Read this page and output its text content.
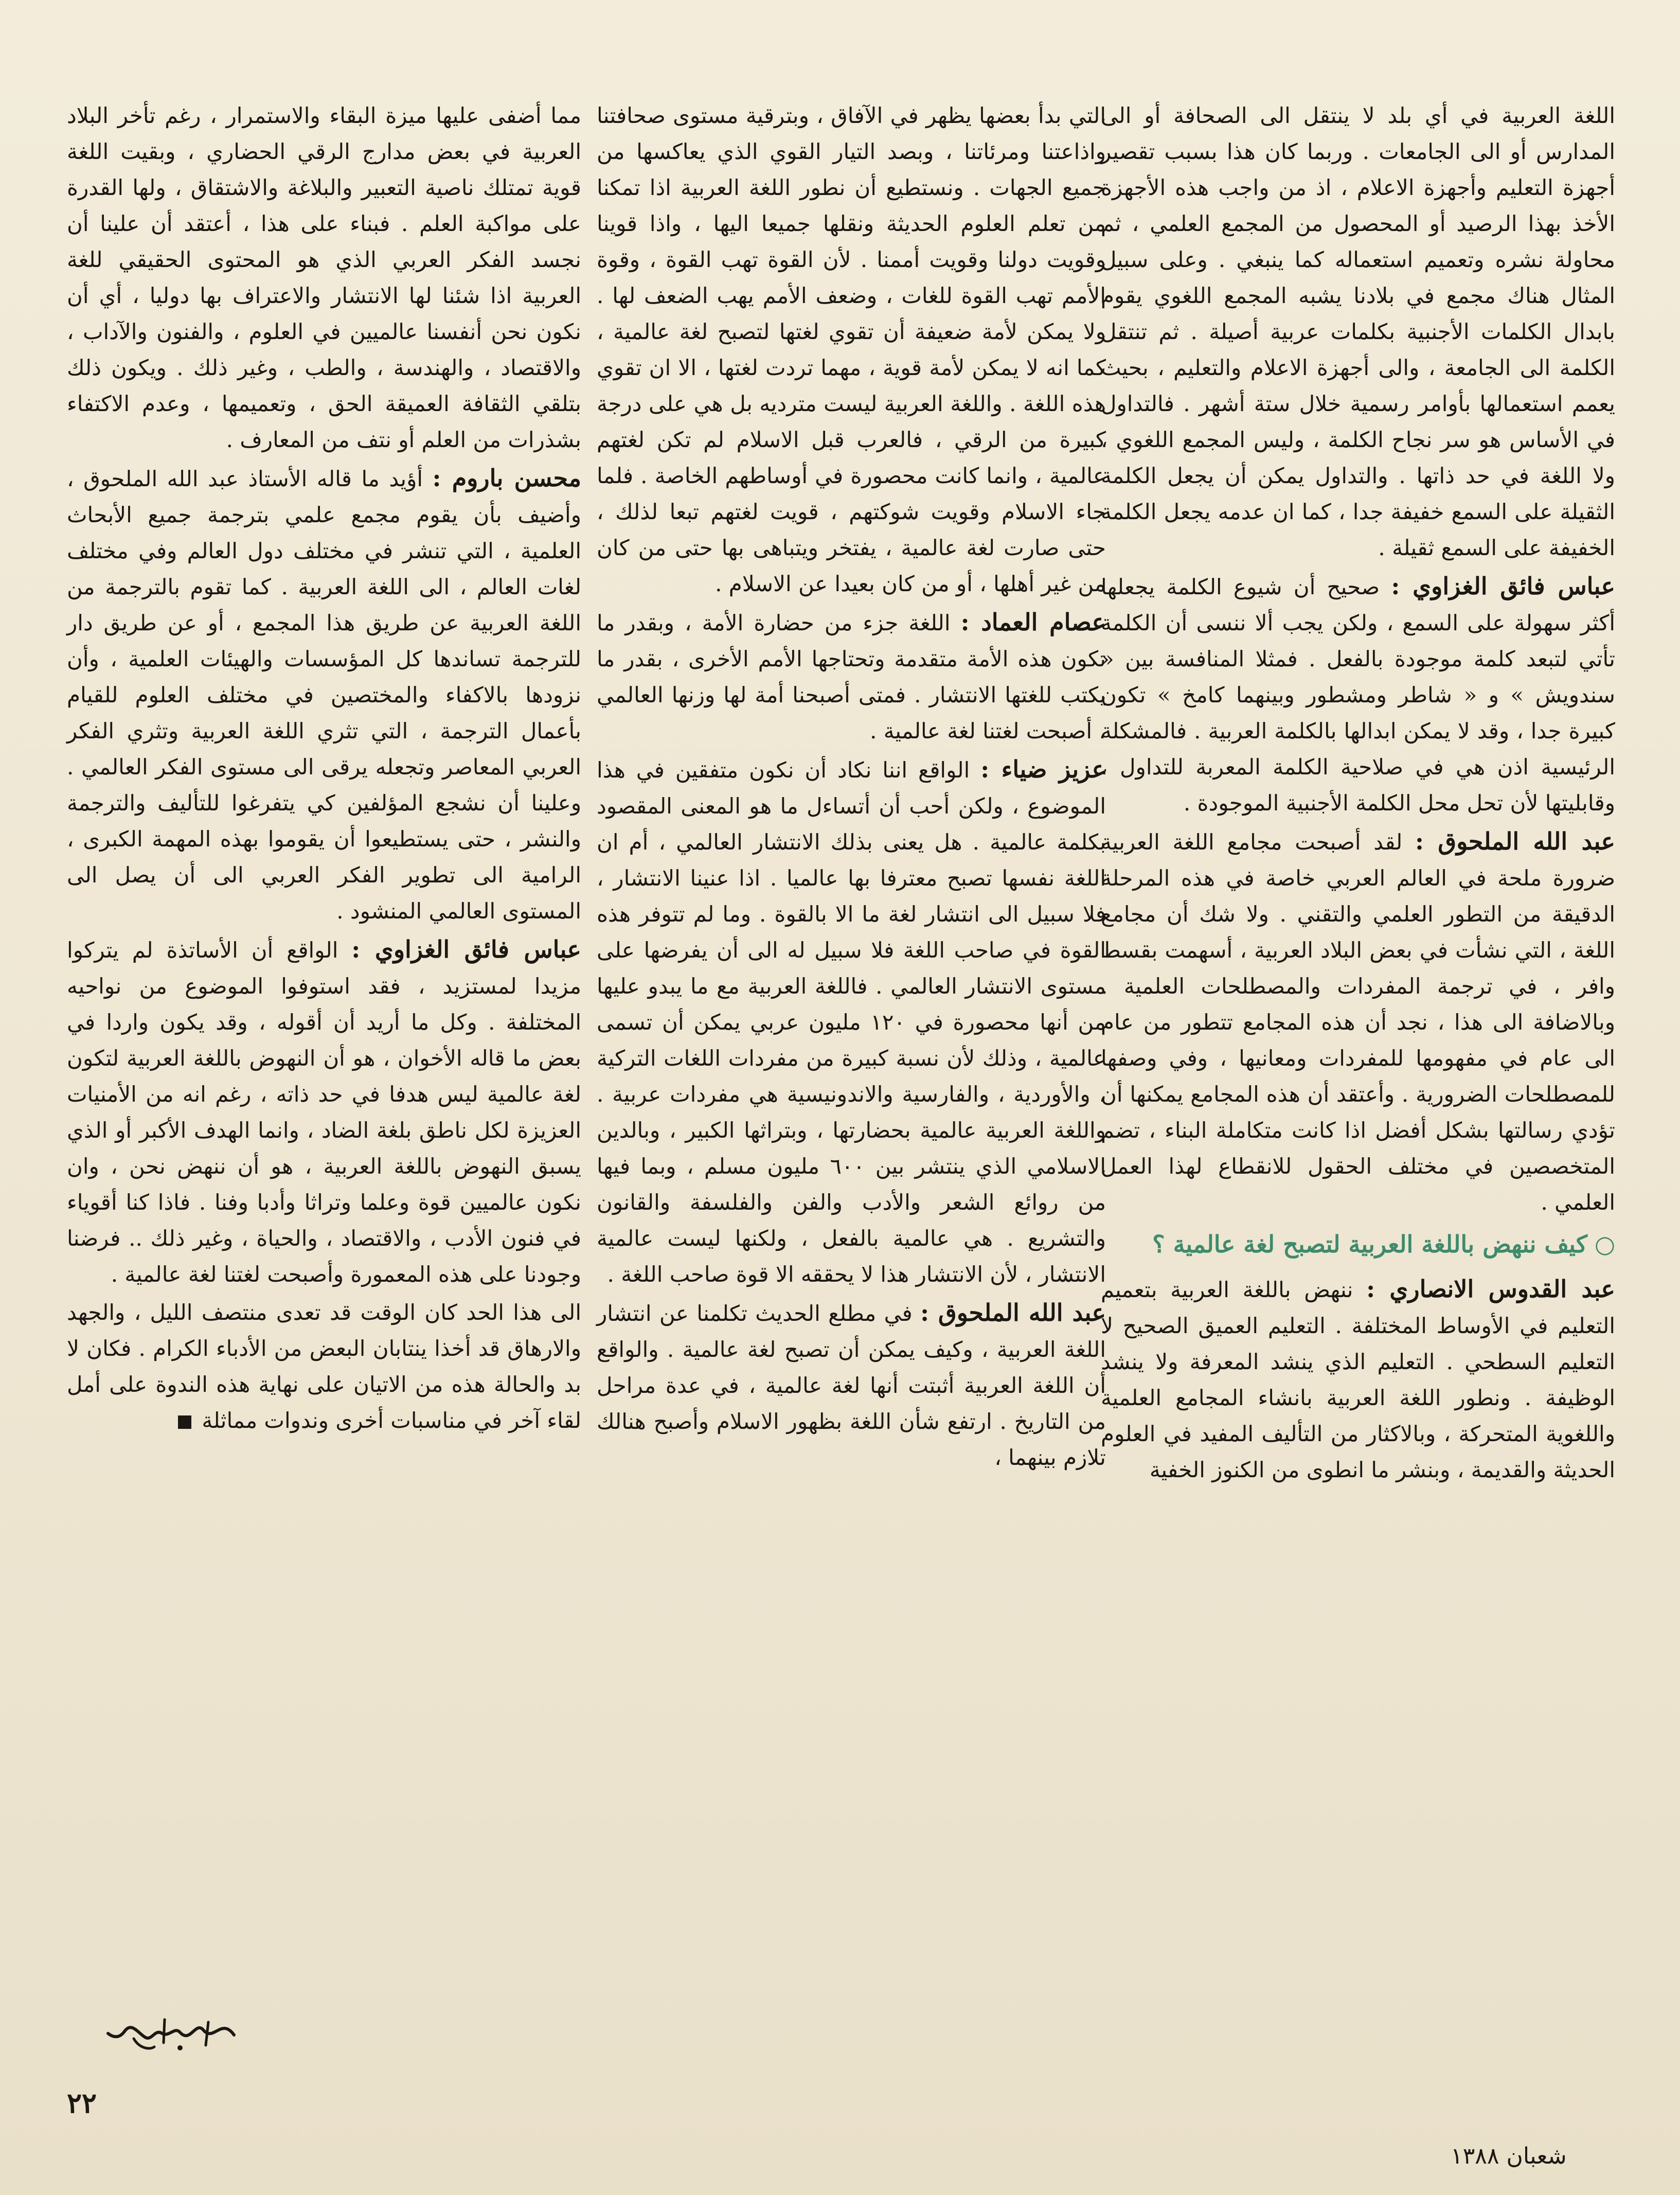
اللغة العربية في أي بلد لا ينتقل الى الصحافة أو الى المدارس أو الى الجامعات . وربما كان هذا بسبب تقصير أجهزة التعليم وأجهزة الاعلام ، اذ من واجب هذه الأجهزة الأخذ بهذا الرصيد أو المحصول من المجمع العلمي ، ثم محاولة نشره وتعميم استعماله كما ينبغي . وعلى سبيل المثال هناك مجمع في بلادنا يشبه المجمع اللغوي يقوم بابدال الكلمات الأجنبية بكلمات عربية أصيلة . ثم تنتقل الكلمة الى الجامعة ، والى أجهزة الاعلام والتعليم ، بحيث يعمم استعمالها بأوامر رسمية خلال ستة أشهر . فالتداول في الأساس هو سر نجاح الكلمة ، وليس المجمع اللغوي ، ولا اللغة في حد ذاتها . والتداول يمكن أن يجعل الكلمة الثقيلة على السمع خفيفة جدا ، كما ان عدمه يجعل الكلمة الخفيفة على السمع ثقيلة .

عباس فائق الغزاوي : صحيح أن شيوع الكلمة يجعلها أكثر سهولة على السمع ، ولكن يجب ألا ننسى أن الكلمة تأتي لتبعد كلمة موجودة بالفعل . فمثلا المنافسة بين « سندويش » و « شاطر ومشطور وبينهما كامخ » تكون كبيرة جدا ، وقد لا يمكن ابدالها بالكلمة العربية . فالمشكلة الرئيسية اذن هي في صلاحية الكلمة المعربة للتداول ، وقابليتها لأن تحل محل الكلمة الأجنبية الموجودة .

عبد الله الملحوق : لقد أصبحت مجامع اللغة العربية ضرورة ملحة في العالم العربي خاصة في هذه المرحلة الدقيقة من التطور العلمي والتقني . ولا شك أن مجامع اللغة ، التي نشأت في بعض البلاد العربية ، أسهمت بقسط وافر ، في ترجمة المفردات والمصطلحات العلمية . وبالاضافة الى هذا ، نجد أن هذه المجامع تتطور من عام الى عام في مفهومها للمفردات ومعانيها ، وفي وصفها للمصطلحات الضرورية . وأعتقد أن هذه المجامع يمكنها أن تؤدي رسالتها بشكل أفضل اذا كانت متكاملة البناء ، تضم المتخصصين في مختلف الحقول للانقطاع لهذا العمل العلمي .

○كيف ننهض باللغة العربية لتصبح لغة عالمية ؟

عبد القدوس الانصاري : ننهض باللغة العربية بتعميم التعليم في الأوساط المختلفة . التعليم العميق الصحيح لا التعليم السطحي . التعليم الذي ينشد المعرفة ولا ينشد الوظيفة . ونطور اللغة العربية بانشاء المجامع العلمية واللغوية المتحركة ، وبالاكثار من التأليف المفيد في العلوم الحديثة والقديمة ، وبنشر ما انطوى من الكنوز الخفية

التي بدأ بعضها يظهر في الآفاق ، وبترقية مستوى صحافتنا واذاعتنا ومرئاتنا ، وبصد التيار القوي الذي يعاكسها من جميع الجهات . ونستطيع أن نطور اللغة العربية اذا تمكنا من تعلم العلوم الحديثة ونقلها جميعا اليها ، واذا قوينا وقويت دولنا وقويت أممنا . لأن القوة تهب القوة ، وقوة الأمم تهب القوة للغات ، وضعف الأمم يهب الضعف لها . ولا يمكن لأمة ضعيفة أن تقوي لغتها لتصبح لغة عالمية ، كما انه لا يمكن لأمة قوية ، مهما تردت لغتها ، الا ان تقوي هذه اللغة . واللغة العربية ليست مترديه بل هي على درجة كبيرة من الرقي ، فالعرب قبل الاسلام لم تكن لغتهم عالمية ، وانما كانت محصورة في أوساطهم الخاصة . فلما جاء الاسلام وقويت شوكتهم ، قويت لغتهم تبعا لذلك ، حتى صارت لغة عالمية ، يفتخر ويتباهى بها حتى من كان من غير أهلها ، أو من كان بعيدا عن الاسلام .

عصام العماد : اللغة جزء من حضارة الأمة ، وبقدر ما تكون هذه الأمة متقدمة وتحتاجها الأمم الأخرى ، بقدر ما يكتب للغتها الانتشار . فمتى أصبحنا أمة لها وزنها العالمي ، أصبحت لغتنا لغة عالمية .

عزيز ضياء : الواقع اننا نكاد أن نكون متفقين في هذا الموضوع ، ولكن أحب أن أتساءل ما هو المعنى المقصود بكلمة عالمية . هل يعنى بذلك الانتشار العالمي ، أم ان اللغة نفسها تصبح معترفا بها عالميا . اذا عنينا الانتشار ، فلا سبيل الى انتشار لغة ما الا بالقوة . وما لم تتوفر هذه القوة في صاحب اللغة فلا سبيل له الى أن يفرضها على مستوى الانتشار العالمي . فاللغة العربية مع ما يبدو عليها من أنها محصورة في ١٢٠ مليون عربي يمكن أن تسمى عالمية ، وذلك لأن نسبة كبيرة من مفردات اللغات التركية ، والأوردية ، والفارسية والاندونيسية هي مفردات عربية . واللغة العربية عالمية بحضارتها ، وبتراثها الكبير ، وبالدين الاسلامي الذي ينتشر بين ٦٠٠ مليون مسلم ، وبما فيها من روائع الشعر والأدب والفن والفلسفة والقانون والتشريع . هي عالمية بالفعل ، ولكنها ليست عالمية الانتشار ، لأن الانتشار هذا لا يحققه الا قوة صاحب اللغة .

عبد الله الملحوق : في مطلع الحديث تكلمنا عن انتشار اللغة العربية ، وكيف يمكن أن تصبح لغة عالمية . والواقع أن اللغة العربية أثبتت أنها لغة عالمية ، في عدة مراحل من التاريخ . ارتفع شأن اللغة بظهور الاسلام وأصبح هنالك تلازم بينهما ،

مما أضفى عليها ميزة البقاء والاستمرار ، رغم تأخر البلاد العربية في بعض مدارج الرقي الحضاري ، وبقيت اللغة قوية تمتلك ناصية التعبير والبلاغة والاشتقاق ، ولها القدرة على مواكبة العلم . فبناء على هذا ، أعتقد أن علينا أن نجسد الفكر العربي الذي هو المحتوى الحقيقي للغة العربية اذا شئنا لها الانتشار والاعتراف بها دوليا ، أي أن نكون نحن أنفسنا عالميين في العلوم ، والفنون والآداب ، والاقتصاد ، والهندسة ، والطب ، وغير ذلك . ويكون ذلك بتلقي الثقافة العميقة الحق ، وتعميمها ، وعدم الاكتفاء بشذرات من العلم أو نتف من المعارف .

محسن باروم : أؤيد ما قاله الأستاذ عبد الله الملحوق ، وأضيف بأن يقوم مجمع علمي بترجمة جميع الأبحاث العلمية ، التي تنشر في مختلف دول العالم وفي مختلف لغات العالم ، الى اللغة العربية . كما تقوم بالترجمة من اللغة العربية عن طريق هذا المجمع ، أو عن طريق دار للترجمة تساندها كل المؤسسات والهيئات العلمية ، وأن نزودها بالاكفاء والمختصين في مختلف العلوم للقيام بأعمال الترجمة ، التي تثري اللغة العربية وتثري الفكر العربي المعاصر وتجعله يرقى الى مستوى الفكر العالمي . وعلينا أن نشجع المؤلفين كي يتفرغوا للتأليف والترجمة والنشر ، حتى يستطيعوا أن يقوموا بهذه المهمة الكبرى ، الرامية الى تطوير الفكر العربي الى أن يصل الى المستوى العالمي المنشود .

عباس فائق الغزاوي : الواقع أن الأساتذة لم يتركوا مزيدا لمستزيد ، فقد استوفوا الموضوع من نواحيه المختلفة . وكل ما أريد أن أقوله ، وقد يكون واردا في بعض ما قاله الأخوان ، هو أن النهوض باللغة العربية لتكون لغة عالمية ليس هدفا في حد ذاته ، رغم انه من الأمنيات العزيزة لكل ناطق بلغة الضاد ، وانما الهدف الأكبر أو الذي يسبق النهوض باللغة العربية ، هو أن ننهض نحن ، وان نكون عالميين قوة وعلما وتراثا وأدبا وفنا . فاذا كنا أقوياء في فنون الأدب ، والاقتصاد ، والحياة ، وغير ذلك .. فرضنا وجودنا على هذه المعمورة وأصبحت لغتنا لغة عالمية .

الى هذا الحد كان الوقت قد تعدى منتصف الليل ، والجهد والارهاق قد أخذا ينتابان البعض من الأدباء الكرام . فكان لا بد والحالة هذه من الاتيان على نهاية هذه الندوة على أمل لقاء آخر في مناسبات أخرى وندوات مماثلة

٢٢
شعبان ١٣٨٨
